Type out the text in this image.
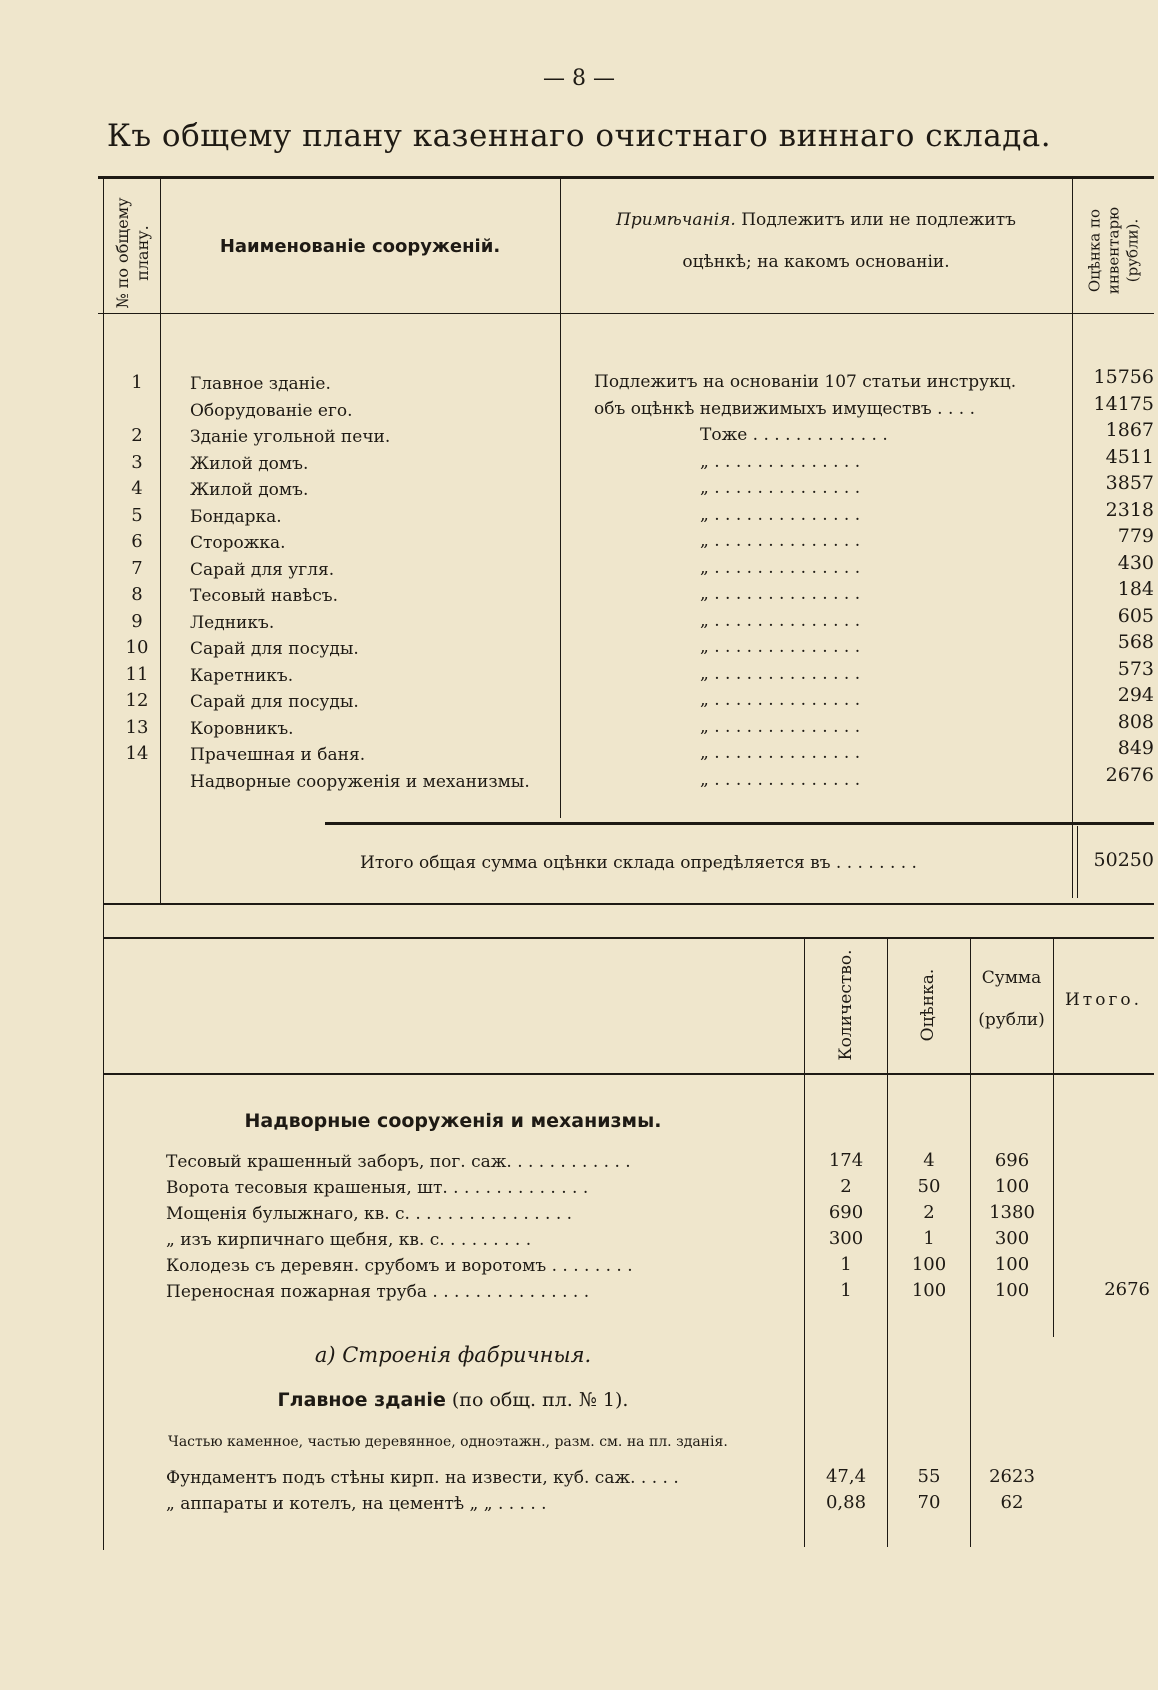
— 8 —
Къ общему плану казеннаго очистнаго виннаго склада.
№ по общему плану.	Наименованіе сооруженій.
Примѣчанія. Подлежитъ или не подлежитъ
оцѣнкѣ; на какомъ основаніи.	Оцѣнка по инвентарю (рубли).
1	Главное зданіе.	Подлежитъ на основаніи 107 статьи инструкц.	15756
Оборудованіе его.	объ оцѣнкѣ недвижимыхъ имуществъ . . . .	14175
2	Зданіе угольной печи.	Тоже . . . . . . . . . . . . .	1867
3	Жилой домъ.	„ . . . . . . . . . . . . . .	4511
4	Жилой домъ.	„ . . . . . . . . . . . . . .	3857
5	Бондарка.	„ . . . . . . . . . . . . . .	2318
6	Сторожка.	„ . . . . . . . . . . . . . .	779
7	Сарай для угля.	„ . . . . . . . . . . . . . .	430
8	Тесовый навѣсъ.	„ . . . . . . . . . . . . . .	184
9	Ледникъ.	„ . . . . . . . . . . . . . .	605
10	Сарай для посуды.	„ . . . . . . . . . . . . . .	568
11	Каретникъ.	„ . . . . . . . . . . . . . .	573
12	Сарай для посуды.	„ . . . . . . . . . . . . . .	294
13	Коровникъ.	„ . . . . . . . . . . . . . .	808
14	Прачешная и баня.	„ . . . . . . . . . . . . . .	849
Надворные сооруженія и механизмы.	„ . . . . . . . . . . . . . .	2676
Итого общая сумма оцѣнки склада опредѣляется въ . . . . . . . .	50250
Количество.	Оцѣнка.	Сумма
(рубли)
Итого.
Надворные сооруженія и механизмы.
Тесовый крашенный заборъ, пог. саж. . . . . . . . . . . .	174	4	696
Ворота тесовыя крашеныя, шт. . . . . . . . . . . . . .	2	50	100
Мощенія булыжнаго, кв. с. . . . . . . . . . . . . . . .	690	2	1380
„ изъ кирпичнаго щебня, кв. с. . . . . . . . .	300	1	300
Колодезь съ деревян. срубомъ и воротомъ . . . . . . . .	1	100	100
Переносная пожарная труба . . . . . . . . . . . . . . .	1	100	100	2676
а) Строенія фабричныя.
Главное зданіе (по общ. пл. № 1).
Частью каменное, частью деревянное, одноэтажн., разм. см. на пл. зданія.
Фундаментъ подъ стѣны кирп. на извести, куб. саж. . . . .	47,4	55	2623
„ аппараты и котелъ, на цементѣ „ „ . . . . .	0,88	70	62
